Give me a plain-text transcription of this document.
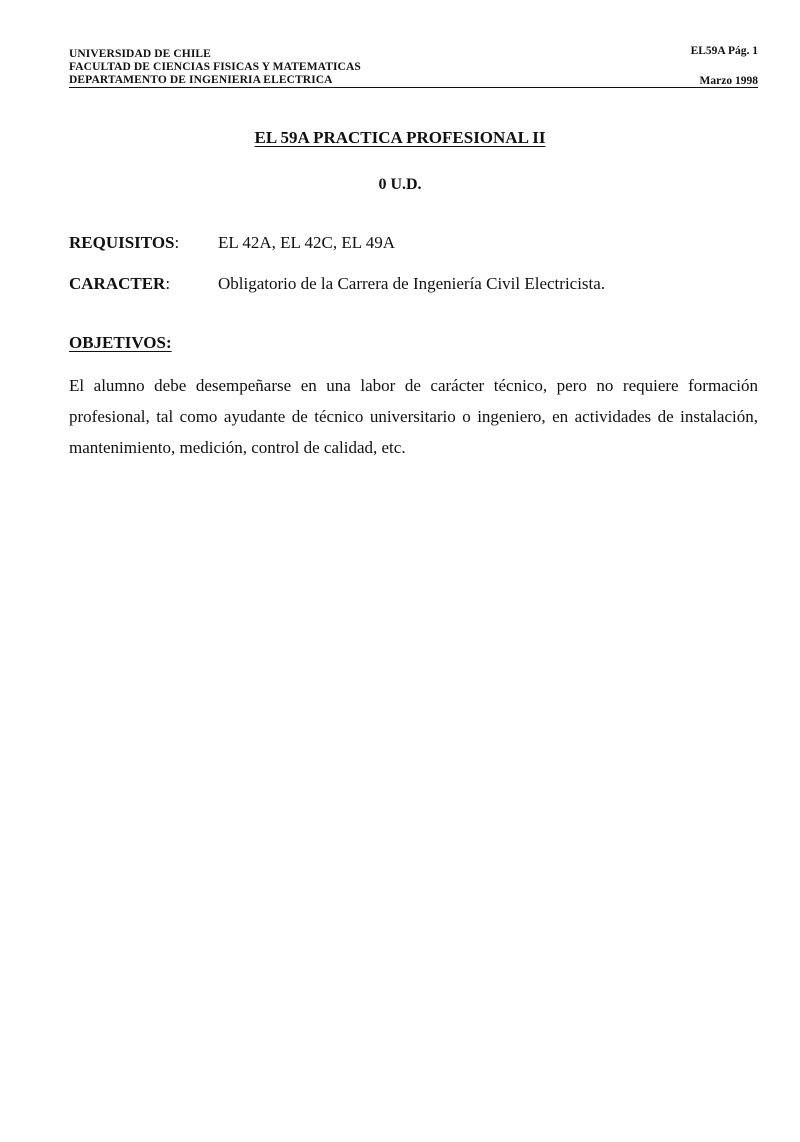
UNIVERSIDAD DE CHILE
FACULTAD DE CIENCIAS FISICAS Y MATEMATICAS
DEPARTAMENTO DE INGENIERIA ELECTRICA
EL59A Pág. 1
Marzo 1998
EL 59A PRACTICA PROFESIONAL II
0 U.D.
REQUISITOS: EL 42A, EL 42C, EL 49A
CARACTER:	Obligatorio de la Carrera de Ingeniería Civil Electricista.
OBJETIVOS:
El alumno debe desempeñarse en una labor de carácter técnico, pero no requiere formación profesional, tal como ayudante de técnico universitario o ingeniero, en actividades de instalación, mantenimiento, medición, control de calidad, etc.
